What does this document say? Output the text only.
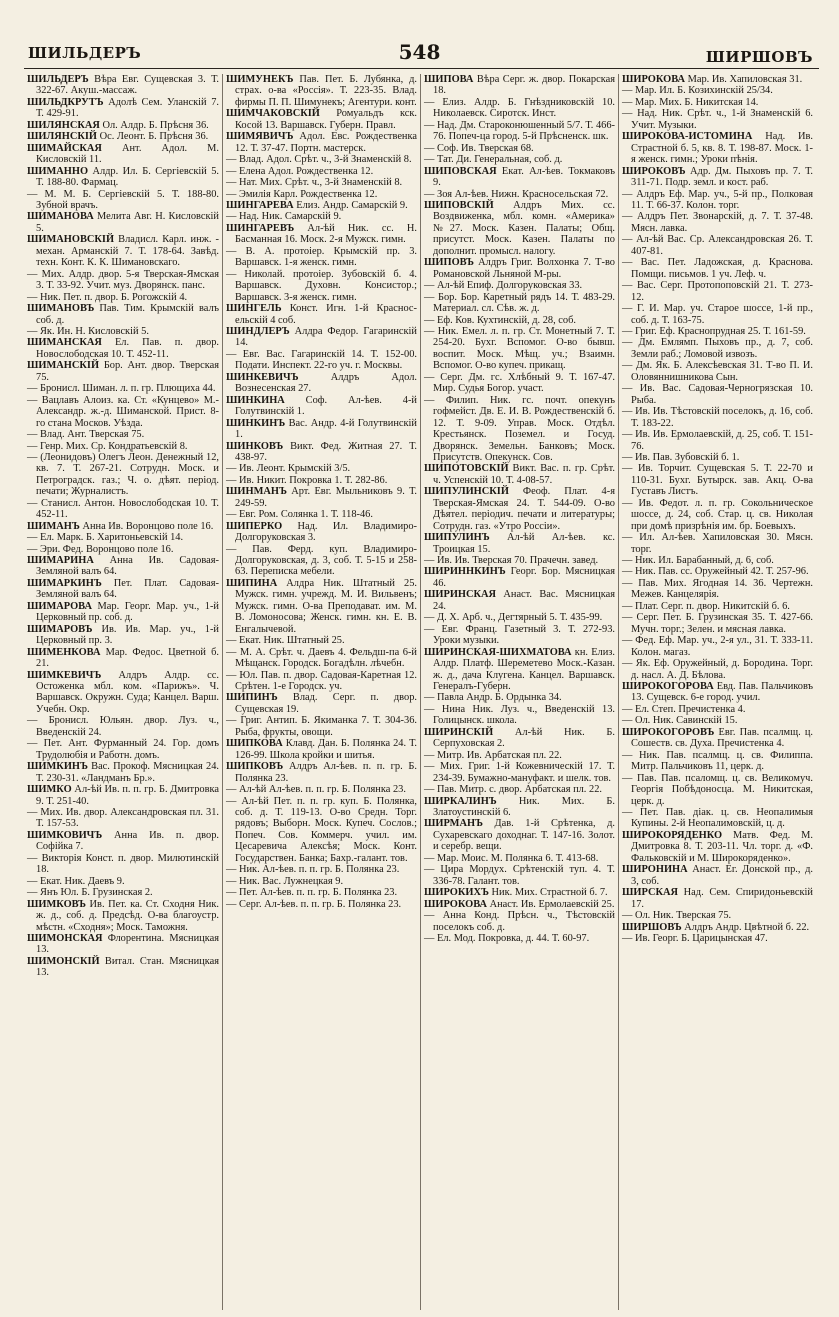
ШИЛЬДЕРЪ	548	ШИРШОВЪ

ШИЛЬДЕРЪ Вѣра Евг. Сущевская 3. Т. 322-67. Акуш.-массаж.

ШИЛЬДКРУТЪ Адолѣ Сем. Уланскій 7. Т. 429-91.

ШИЛЯНСКАЯ Ол. Алдр. Б. Прѣсня 36.

ШИЛЯНСКІЙ Ос. Леонт. Б. Прѣсня 36.

ШИМАЙСКАЯ Ант. Адол. М. Кисловскій 11.

ШИМАННО Алдр. Ил. Б. Сергіевскій 5. Т. 188-80. Фармац.

— М. М. Б. Сергіевскій 5. Т. 188-80. Зубной врачъ.

ШИМАНОВА Мелита Авг. Н. Кисловскій 5.

ШИМАНОВСКІЙ Владисл. Карл. инж. - механ. Арманскій 7. Т. 178-64. Завѣд. техн. Конт. К. К. Шимановскаго.

— Мих. Алдр. двор. 5-я Тверская-Ямская 3. Т. 33-92. Учит. муз. Дворянск. панс.

— Ник. Пет. п. двор. Б. Рогожскій 4.

ШИМАНОВЪ Пав. Тим. Крымскій валъ соб. д.

— Як. Ин. Н. Кисловскій 5.

ШИМАНСКАЯ Ел. Пав. п. двор. Новослободская 10. Т. 452-11.

ШИМАНСКІЙ Бор. Ант. двор. Тверская 75.

— Бронисл. Шиман. л. п. гр. Плющиха 44.

— Вацлавъ Алоиз. ка. Ст. «Кунцево» М.-Александр. ж.-д. Шиманской. Прист. 8-го стана Москов. Уѣзда.

— Влад. Ант. Тверская 75.

— Генр. Мих. Ср. Кондратьевскій 8.

— (Леонидовъ) Олегъ Леон. Денежный 12, кв. 7. Т. 267-21. Сотрудн. Моск. и Петроградск. газ.; Ч. о. дѣят. період. печати; Журналистъ.

— Станисл. Антон. Новослободская 10. Т. 452-11.

ШИМАНЪ Анна Ив. Воронцово поле 16.

— Ел. Марк. Б. Харитоньевскій 14.

— Эри. Фед. Воронцово поле 16.

ШИМАРИНА Анна Ив. Садовая-Земляной валъ 64.

ШИМАРКИНЪ Пет. Плат. Садовая-Земляной валъ 64.

ШИМАРОВА Мар. Георг. Мар. уч., 1-й Церковный пр. соб. д.

ШИМАРОВЪ Ив. Ив. Мар. уч., 1-й Церковный пр. 3.

ШИМЕНКОВА Мар. Федос. Цветной б. 21.

ШИМКЕВИЧЪ Алдръ Алдр. сс. Остоженка мбл. ком. «Парижъ». Ч. Варшавск. Окружн. Суда; Канцел. Варш. Учебн. Окр.

— Бронисл. Юльян. двор. Луз. ч., Введенскій 24.

— Пет. Ант. Фурманный 24. Гор. домъ Трудолюбія и Работн. домъ.

ШИМКИНЪ Вас. Прокоф. Мясницкая 24. Т. 230-31. «Ландманъ Бр.».

ШИМКО Ал-ѣй Ив. п. п. гр. Б. Дмитровка 9. Т. 251-40.

— Мих. Ив. двор. Александровская пл. 31. Т. 157-53.

ШИМКОВИЧЪ Анна Ив. п. двор. Софійка 7.

— Викторія Конст. п. двор. Милютинскій 18.

— Екат. Ник. Даевъ 9.

— Янъ Юл. Б. Грузинская 2.

ШИМКОВЪ Ив. Пет. ка. Ст. Сходня Ник. ж. д., соб. д. Предсѣд. О-ва благоустр. мѣстн. «Сходня»; Моск. Таможня.

ШИМОНСКАЯ Флорентина. Мясницкая 13.

ШИМОНСКІЙ Витал. Стан. Мясницкая 13.

ШИМУНЕКЪ Пав. Пет. Б. Лубянка, д. страх. о-ва «Россія». Т. 223-35. Влад. фирмы П. П. Шимунекъ; Агентури. конт.

ШИМЧАКОВСКІЙ Ромуальдъ кск. Косой 13. Варшавск. Губерн. Правл.

ШИМЯВИЧЪ Адол. Евс. Рождественка 12. Т. 37-47. Портн. мастерск.

— Влад. Адол. Срѣт. ч., 3-й Знаменскій 8.

— Елена Адол. Рождественка 12.

— Нат. Мих. Срѣт. ч., 3-й Знаменскій 8.

— Эмилія Карл. Рождественка 12.

ШИНГАРЕВА Елиз. Андр. Самарскій 9.

— Над. Ник. Самарскій 9.

ШИНГАРЕВЪ Ал-ѣй Ник. сс. Н. Басманная 16. Моск. 2-я Мужск. гимн.

— В. А. протоіер. Крымскій пр. 3. Варшавск. 1-я женск. гимн.

— Николай. протоіер. Зубовскій б. 4. Варшавск. Духовн. Консистор.; Варшавск. 3-я женск. гимн.

ШИНГЕЛЬ Конст. Игн. 1-й Красносельскій 4 соб.

ШИНДЛЕРЪ Алдра Федор. Гагаринскій 14.

— Евг. Вас. Гагаринскій 14. Т. 152-00. Подати. Инспект. 22-го уч. г. Москвы.

ШИНКЕВИЧЪ Алдръ Адол. Вознесенская 27.

ШИНКИНА Соф. Ал-ѣев. 4-й Голутвинскій 1.

ШИНКИНЪ Вас. Андр. 4-й Голутвинскій 1.

ШИНКОВЪ Викт. Фед. Житная 27. Т. 438-97.

— Ив. Леонт. Крымскій 3/5.

— Ив. Никит. Покровка 1. Т. 282-86.

ШИНМАНЪ Арт. Евг. Мыльниковъ 9. Т. 249-59.

— Евг. Ром. Солянка 1. Т. 118-46.

ШИПЕРКО Над. Ил. Владимиро-Долгоруковская 3.

— Пав. Ферд. куп. Владимиро-Долгоруковская, д. 3, соб. Т. 5-15 и 258-63. Переписка мебели.

ШИПИНА Алдра Ник. Штатный 25. Мужск. гимн. учрежд. М. И. Вильвенъ; Мужск. гимн. О-ва Преподават. им. М. В. Ломоносова; Женск. гимн. кн. Е. В. Енгалычевой.

— Екат. Ник. Штатный 25.

— М. А. Срѣт. ч. Даевъ 4. Фельдш-па 6-й Мѣщанск. Городск. Богадѣлн. лѣчебн.

— Юл. Пав. п. двор. Садовая-Каретная 12. Срѣтен. 1-е Городск. уч.

ШИПИНЪ Влад. Серг. п. двор. Сущевская 19.

— Григ. Антип. Б. Якиманка 7. Т. 304-36. Рыба, фрукты, овощи.

ШИПКОВА Клавд. Дан. Б. Полянка 24. Т. 126-99. Школа кройки и шитья.

ШИПКОВЪ Алдръ Ал-ѣев. п. п. гр. Б. Полянка 23.

— Ал-ѣй Ал-ѣев. п. п. гр. Б. Полянка 23.

— Ал-ѣй Пет. п. п. гр. куп. Б. Полянка, соб. д. Т. 119-13. О-во Средн. Торг. рядовъ; Выборн. Моск. Купеч. Сослов.; Попеч. Сов. Коммерч. учил. им. Цесаревича Алексѣя; Моск. Конт. Государствен. Банка; Бахр.-галант. тов.

— Ник. Ал-ѣев. п. п. гр. Б. Полянка 23.

— Ник. Вас. Лужнецкая 9.

— Пет. Ал-ѣев. п. п. гр. Б. Полянка 23.

— Серг. Ал-ѣев. п. п. гр. Б. Полянка 23.

ШИПОВА Вѣра Серг. ж. двор. Покарская 18.

— Елиз. Алдр. Б. Гнѣздниковскій 10. Николаевск. Сиротск. Инст.

— Над. Дм. Староконюшенный 5/7. Т. 466-76. Попеч-ца город. 5-й Прѣсненск. шк.

— Соф. Ив. Тверская 68.

— Тат. Ди. Генеральная, соб. д.

ШИПОВСКАЯ Екат. Ал-ѣев. Токмаковъ 9.

— Зоя Ал-ѣев. Нижн. Красносельская 72.

ШИПОВСКІЙ Алдръ Мих. сс. Воздвиженка, мбл. комн. «Америка» №27. Моск. Казен. Палаты; Общ. присутст. Моск. Казен. Палаты по дополнит. промысл. налогу.

ШИПОВЪ Алдръ Григ. Волхонка 7. Т-во Романовской Льняной М-ры.

— Ал-ѣй Епиф. Долгоруковская 33.

— Бор. Бор. Каретный рядъ 14. Т. 483-29. Материал. сл. Сѣв. ж. д.

— Еф. Ков. Кухтинскій, д. 28, соб.

— Ник. Емел. л. п. гр. Ст. Монетный 7. Т. 254-20. Бухг. Вспомог. О-во бывш. воспит. Моск. Мѣщ. уч.; Взаимн. Вспомог. О-во купеч. прикащ.

— Серг. Дм. гс. Хлѣбный 9. Т. 167-47. Мир. Судья Богор. участ.

— Филип. Ник. гс. почт. опекунъ гофмейст. Дв. Е. И. В. Рождественскій б. 12. Т. 9-09. Управ. Моск. Отдѣл. Крестьянск. Поземел. и Госуд. Дворянск. Земельн. Банковъ; Моск. Присутств. Опекунск. Сов.

ШИПОТОВСКІЙ Викт. Вас. п. гр. Срѣт. ч. Успенскій 10. Т. 4-08-57.

ШИПУЛИНСКІЙ Феоф. Плат. 4-я Тверская-Ямская 24. Т. 544-09. О-во Дѣятел. періодич. печати и литературы; Сотрудн. газ. «Утро Россіи».

ШИПУЛИНЪ Ал-ѣй Ал-ѣев. кс. Троицкая 15.

— Ив. Ив. Тверская 70. Прачечн. завед.

ШИРИННКИНЪ Георг. Бор. Мясницкая 46.

ШИРИНСКАЯ Анаст. Вас. Мясницкая 24.

— Д. Х. Арб. ч., Дегтярный 5. Т. 435-99.

— Евг. Франц. Газетный 3. Т. 272-93. Уроки музыки.

ШИРИНСКАЯ-ШИХМАТОВА кн. Елиз. Алдр. Платф. Шереметево Моск.-Казан. ж. д., дача Клугена. Канцел. Варшавск. Генералъ-Губерн.

— Павла Андр. Б. Ордынка 34.

— Нина Ник. Луз. ч., Введенскій 13. Голицынск. школа.

ШИРИНСКІЙ Ал-ѣй Ник. Б. Серпуховская 2.

— Митр. Ив. Арбатская пл. 22.

— Мих. Григ. 1-й Кожевническій 17. Т. 234-39. Бумажно-мануфакт. и шелк. тов.

— Пав. Митр. с. двор. Арбатская пл. 22.

ШИРКАЛИНЪ Ник. Мих. Б. Златоустинскій 6.

ШИРМАНЪ Дав. 1-й Срѣтенка, д. Сухаревскаго доходнаг. Т. 147-16. Золот. и серебр. вещи.

— Мар. Моис. М. Полянка 6. Т. 413-68.

— Цира Мордух. Срѣтенскій туп. 4. Т. 336-78. Галант. тов.

ШИРОКИХЪ Ник. Мих. Страстной б. 7.

ШИРОКОВА Анаст. Ив. Ермолаевскій 25.

— Анна Конд. Прѣсн. ч., Тѣстовскій поселокъ соб. д.

— Ел. Мод. Покровка, д. 44. Т. 60-97.

ШИРОКОВА Мар. Ив. Хапиловская 31.

— Мар. Ил. Б. Козихинскій 25/34.

— Мар. Мих. Б. Никитская 14.

— Над. Ник. Срѣт. ч., 1-й Знаменскій 6. Учит. Музыки.

ШИРОКОВА-ИСТОМИНА Над. Ив. Страстной б. 5, кв. 8. Т. 198-87. Моск. 1-я женск. гимн.; Уроки пѣнія.

ШИРОКОВЪ Адр. Дм. Пыховъ пр. 7. Т. 311-71. Подр. земл. и кост. раб.

— Алдръ Еф. Мар. уч., 5-й пр., Полковая 11. Т. 66-37. Колон. торг.

— Алдръ Пет. Звонарскій, д. 7. Т. 37-48. Мясн. лавка.

— Ал-ѣй Вас. Ср. Александровская 26. Т. 407-81.

— Вас. Пет. Ладожская, д. Краснова. Помщи. письмов. 1 уч. Леф. ч.

— Вас. Серг. Протопоповскій 21. Т. 273-12.

— Г. И. Мар. уч. Старое шоссе, 1-й пр., соб. д. Т. 163-75.

— Григ. Еф. Краснопрудная 25. Т. 161-59.

— Дм. Емлямп. Пыховъ пр., д. 7, соб. Земли раб.; Ломовой извозъ.

— Дм. Як. Б. Алексѣевская 31. Т-во П. И. Оловяннишникова Сын.

— Ив. Вас. Садовая-Черногрязская 10. Рыба.

— Ив. Ив. Тѣстовскій поселокъ, д. 16, соб. Т. 183-22.

— Ив. Ив. Ермолаевскій, д. 25, соб. Т. 151-76.

— Ив. Пав. Зубовскій б. 1.

— Ив. Торчит. Сущевская 5. Т. 22-70 и 110-31. Бухг. Бутырск. зав. Акц. О-ва Густавъ Листъ.

— Ив. Федот. л. п. гр. Сокольническое шоссе, д. 24, соб. Стар. ц. св. Николая при домѣ призрѣнія им. бр. Боевыхъ.

— Ил. Ал-ѣев. Хапиловская 30. Мясн. торг.

— Ник. Ил. Барабанный, д. 6, соб.

— Ник. Пав. сс. Оружейный 42. Т. 257-96.

— Пав. Мих. Ягодная 14. 36. Чертежн. Межев. Канцелярія.

— Плат. Серг. п. двор. Никитскій б. 6.

— Серг. Пет. Б. Грузинская 35. Т. 427-66. Мучн. торг.; Зелен. и мясная лавка.

— Фед. Еф. Мар. уч., 2-я ул., 31. Т. 333-11. Колон. магаз.

— Як. Еф. Оружейный, д. Бородина. Торг. д. насл. А. Д. Бѣлова.

ШИРОКОГОРОВА Евд. Пав. Пальчиковъ 13. Сущевск. 6-е город. учил.

— Ел. Степ. Пречистенка 4.

— Ол. Ник. Савинскій 15.

ШИРОКОГОРОВЪ Евг. Пав. псалмщ. ц. Сошеств. св. Духа. Пречистенка 4.

— Ник. Пав. псалмщ. ц. св. Филиппа. Митр. Пальчиковъ 11, церк. д.

— Пав. Пав. псаломщ. ц. св. Великомуч. Георгія Побѣдоносца. М. Никитская, церк. д.

— Пет. Пав. діак. ц. св. Неопалимыя Купины. 2-й Неопалимовскій, ц. д.

ШИРОКОРЯДЕНКО Матв. Фед. М. Дмитровка 8. Т. 203-11. Чл. торг. д. «Ф. Фальковскій и М. Широкоряденко».

ШИРОНИНА Анаст. Ег. Донской пр., д. 3, соб.

ШИРСКАЯ Над. Сем. Спиридоньевскій 17.

— Ол. Ник. Тверская 75.

ШИРШОВЪ Алдръ Андр. Цвѣтной б. 22.

— Ив. Георг. Б. Царицынская 47.
